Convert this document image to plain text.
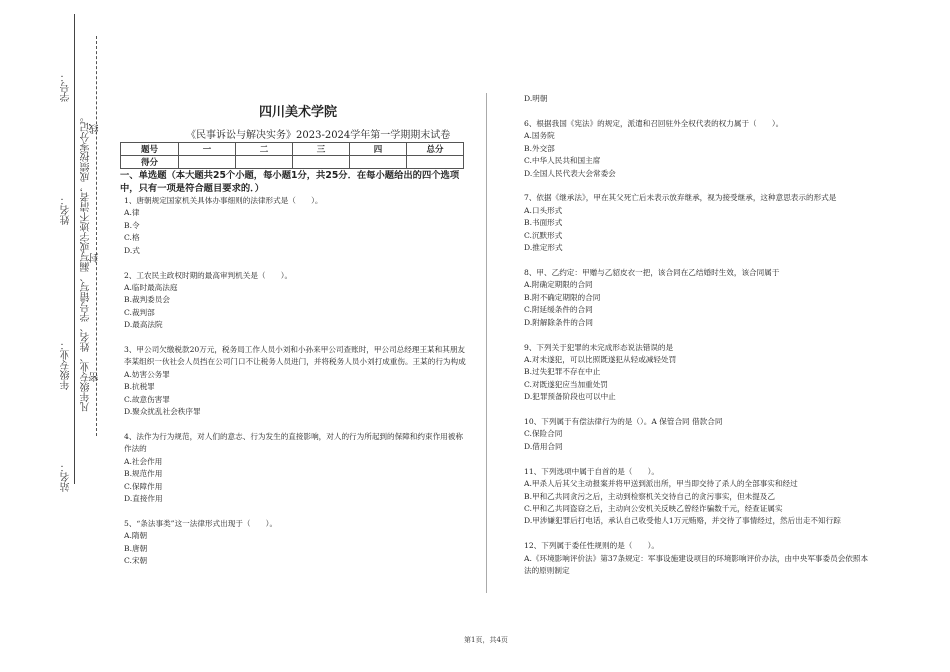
学号：
姓名：
年级专业：
站名：
凡年级专业、姓名、学号错写、漏写或字迹不清者，成绩按零分记。
线
封
密
四川美术学院
《民事诉讼与解决实务》2023-2024学年第一学期期末试卷
题号	一	二	三	四	总分
得分					
一、单选题（本大题共25个小题，每小题1分，共25分．在每小题给出的四个选项中，只有一项是符合题目要求的．）

1、唐朝规定国家机关具体办事细则的法律形式是（　　）。

A.律

B.令

C.格

D.式

2、工农民主政权时期的最高审判机关是（　　）。

A.临时最高法庭

B.裁判委员会

C.裁判部

D.最高法院

3、甲公司欠缴税款20万元，税务局工作人员小刘和小孙来甲公司查账时，甲公司总经理王某和其朋友李某组织一伙社会人员挡在公司门口不让税务人员进门，并将税务人员小刘打成重伤。王某的行为构成

A.妨害公务罪

B.抗税罪

C.故意伤害罪

D.聚众扰乱社会秩序罪

4、法作为行为规范，对人们的意志、行为发生的直接影响，对人的行为所起到的保障和约束作用被称作法的

A.社会作用

B.规范作用

C.保障作用

D.直接作用

5、“条法事类”这一法律形式出现于（　　）。

A.隋朝

B.唐朝

C.宋朝

D.明朝

6、根据我国《宪法》的规定，派遣和召回驻外全权代表的权力属于（　　）。

A.国务院

B.外交部

C.中华人民共和国主席

D.全国人民代表大会常委会

7、依据《继承法》，甲在其父死亡后未表示放弃继承，视为接受继承，这种意思表示的形式是

A.口头形式

B.书面形式

C.沉默形式

D.推定形式

8、甲、乙约定：甲赠与乙貂皮衣一把，该合同在乙结婚时生效，该合同属于

A.附确定期限的合同

B.附不确定期限的合同

C.附延缓条件的合同

D.附解除条件的合同

9、下列关于犯罪的未完成形态说法错误的是

A.对未遂犯，可以比照既遂犯从轻或减轻处罚

B.过失犯罪不存在中止

C.对既遂犯应当加重处罚

D.犯罪预备阶段也可以中止

10、下列属于有偿法律行为的是（）。A 保管合同 借款合同

C.保险合同

D.借用合同

11、下列选项中属于自首的是（　　）。

A.甲杀人后其父主动报案并将甲送到派出所，甲当即交待了杀人的全部事实和经过

B.甲和乙共同贪污之后，主动到检察机关交待自己的贪污事实，但未提及乙

C.甲和乙共同盗窃之后，主动向公安机关反映乙曾经诈骗数千元，经查证属实

D.甲涉嫌犯罪后打电话，承认自己收受他人1万元贿赂，并交待了事情经过，然后出走不知行踪

12、下列属于委任性规则的是（　　）。

A.《环境影响评价法》第37条规定：军事设施建设项目的环境影响评价办法，由中央军事委员会依照本法的原则制定

第1页，共4页
